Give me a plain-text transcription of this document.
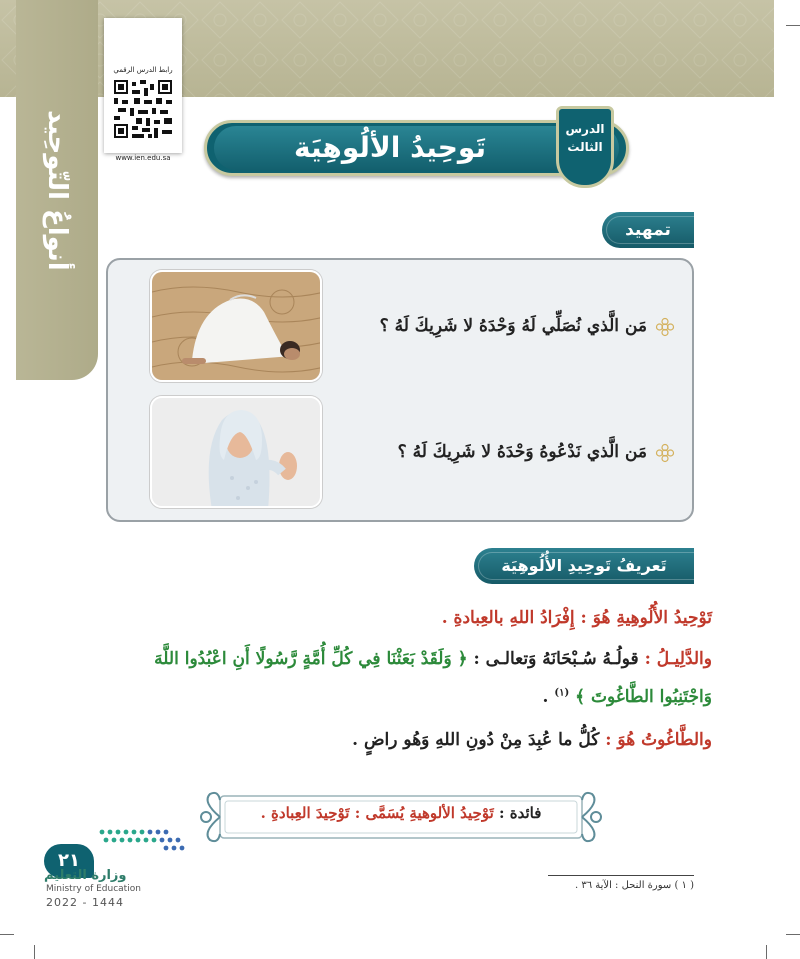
أنواعُ التّوحِيد
رابط الدرس الرقمي
www.ien.edu.sa	تَوحِيدُ الألُوهِيَة
الدرس
الثالث
تمهيد
مَن الَّذي نُصَلِّي لَهُ وَحْدَهُ لا شَرِيكَ لَهُ ؟
مَن الَّذي نَدْعُوهُ وَحْدَهُ لا شَرِيكَ لَهُ ؟
تَعريفُ تَوحِيدِ الأُلُوهِيَة
تَوْحِيدُ الأُلُوهِيةِ هُوَ : إِفْرَادُ اللهِ بالعِبادةِ .
والدَّلِيـلُ : قولُـهُ سُـبْحَانَهُ وَتعالـى : ﴿ وَلَقَدْ بَعَثْنَا فِي كُلِّ أُمَّةٍ رَّسُولًا أَنِ اعْبُدُوا اللَّهَ
وَاجْتَنِبُوا الطَّاغُوتَ ﴾ $^{(١)}$ .
والطَّاغُوتُ هُوَ : كُلُّ ما عُبِدَ مِنْ دُونِ اللهِ وَهُو راضٍ .
فائدة : تَوْحِيدُ الألوهيةِ يُسَمَّى : تَوْحِيدَ العِبادةِ .
٢١
وزارة التعليم
Ministry of Education
2022 - 1444
( ١ ) سورة النحل : الآية ٣٦ .
